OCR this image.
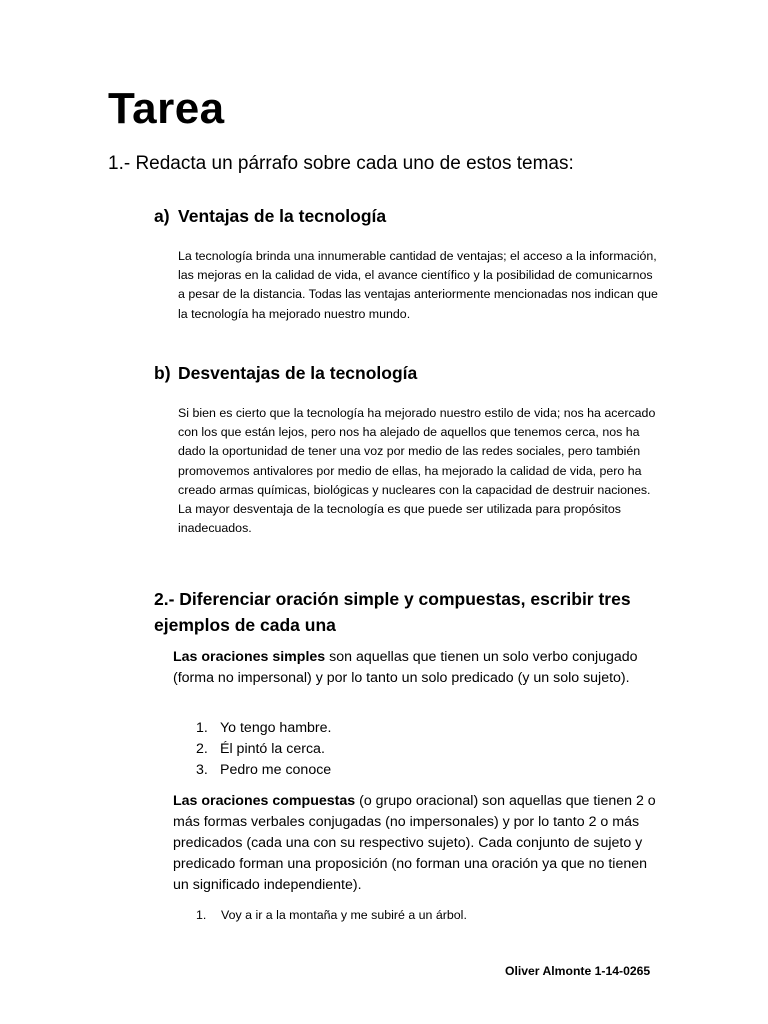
Tarea

1.- Redacta un párrafo sobre cada uno de estos temas:

a) Ventajas de la tecnología

La tecnología brinda una innumerable cantidad de ventajas; el acceso a la información, las mejoras en la calidad de vida, el avance científico y la posibilidad de comunicarnos a pesar de la distancia. Todas las ventajas anteriormente mencionadas nos indican que la tecnología ha mejorado nuestro mundo.

b) Desventajas de la tecnología

Si bien es cierto que la tecnología ha mejorado nuestro estilo de vida; nos ha acercado con los que están lejos, pero nos ha alejado de aquellos que tenemos cerca, nos ha dado la oportunidad de tener una voz por medio de las redes sociales, pero también promovemos antivalores por medio de ellas, ha mejorado la calidad de vida, pero ha creado armas químicas, biológicas y nucleares con la capacidad de destruir naciones. La mayor desventaja de la tecnología es que puede ser utilizada para propósitos inadecuados.

2.- Diferenciar oración simple y compuestas, escribir tres ejemplos de cada una

Las oraciones simples son aquellas que tienen un solo verbo conjugado (forma no impersonal) y por lo tanto un solo predicado (y un solo sujeto).

1. Yo tengo hambre.
2. Él pintó la cerca.
3. Pedro me conoce

Las oraciones compuestas (o grupo oracional) son aquellas que tienen 2 o más formas verbales conjugadas (no impersonales) y por lo tanto 2 o más predicados (cada una con su respectivo sujeto). Cada conjunto de sujeto y predicado forman una proposición (no forman una oración ya que no tienen un significado independiente).

1.	Voy a ir a la montaña y me subiré a un árbol.

Oliver Almonte 1-14-0265
